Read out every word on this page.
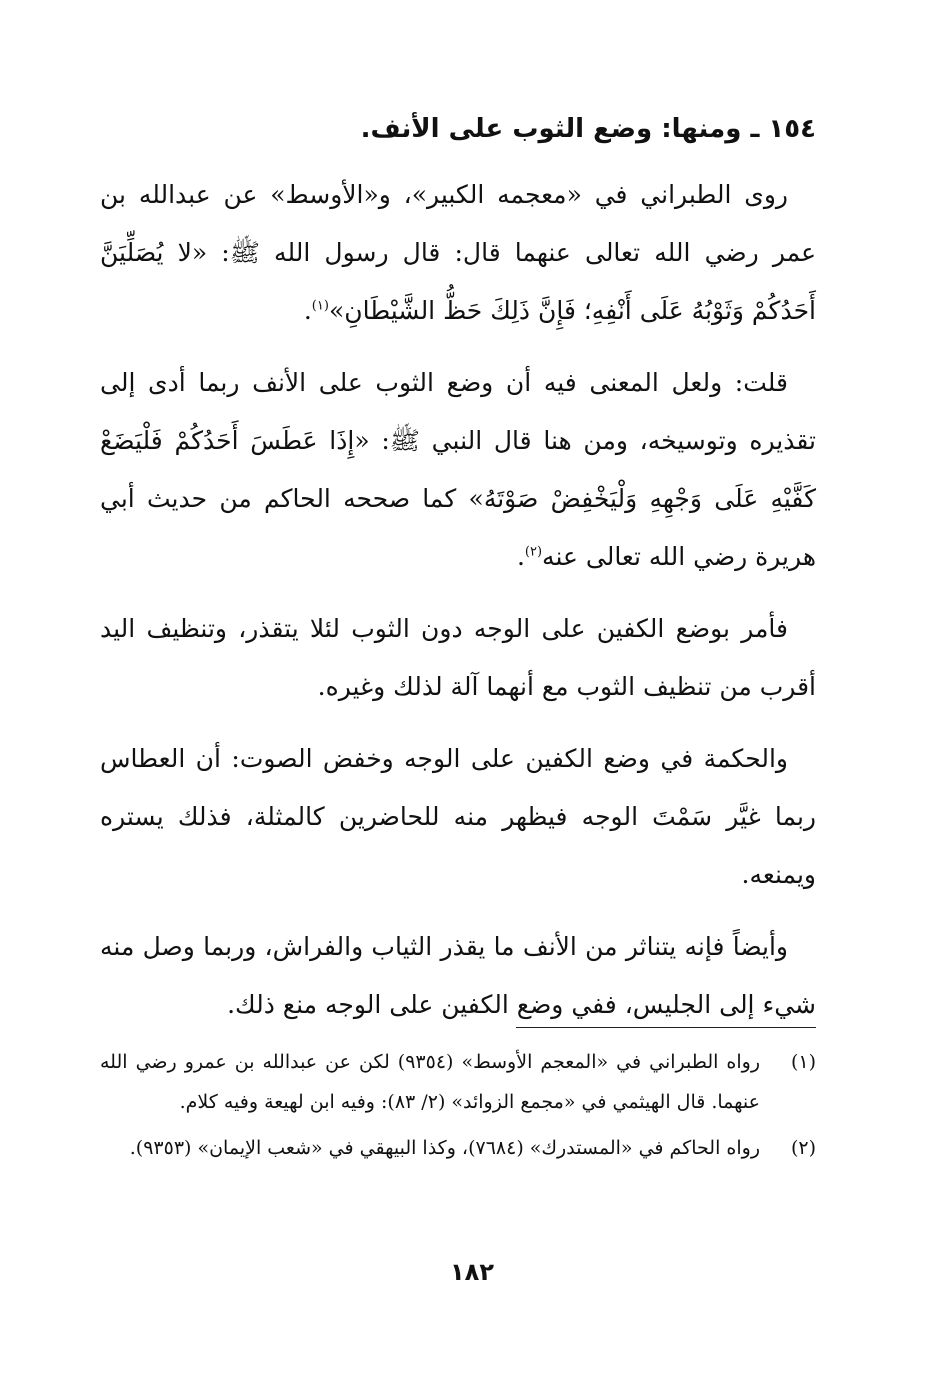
١٥٤ ـ ومنها: وضع الثوب على الأنف.

روى الطبراني في «معجمه الكبير»، و«الأوسط» عن عبدالله بن عمر رضي الله تعالى عنهما قال: قال رسول الله ﷺ: «لا يُصَلِّيَنَّ أَحَدُكُمْ وَثَوْبُهُ عَلَى أَنْفِهِ؛ فَإِنَّ ذَلِكَ حَظُّ الشَّيْطَانِ»$^{(١)}$.

قلت: ولعل المعنى فيه أن وضع الثوب على الأنف ربما أدى إلى تقذيره وتوسيخه، ومن هنا قال النبي ﷺ: «إِذَا عَطَسَ أَحَدُكُمْ فَلْيَضَعْ كَفَّيْهِ عَلَى وَجْهِهِ وَلْيَخْفِضْ صَوْتَهُ» كما صححه الحاكم من حديث أبي هريرة رضي الله تعالى عنه$^{(٢)}$.

فأمر بوضع الكفين على الوجه دون الثوب لئلا يتقذر، وتنظيف اليد أقرب من تنظيف الثوب مع أنهما آلة لذلك وغيره.

والحكمة في وضع الكفين على الوجه وخفض الصوت: أن العطاس ربما غيَّر سَمْتَ الوجه فيظهر منه للحاضرين كالمثلة، فذلك يستره ويمنعه.

وأيضاً فإنه يتناثر من الأنف ما يقذر الثياب والفراش، وربما وصل منه شيء إلى الجليس، ففي وضع الكفين على الوجه منع ذلك.

(١)
رواه الطبراني في «المعجم الأوسط» (٩٣٥٤) لكن عن عبدالله بن عمرو رضي الله عنهما. قال الهيثمي في «مجمع الزوائد» (٢/ ٨٣): وفيه ابن لهيعة وفيه كلام.
(٢)
رواه الحاكم في «المستدرك» (٧٦٨٤)، وكذا البيهقي في «شعب الإيمان» (٩٣٥٣).
١٨٢
